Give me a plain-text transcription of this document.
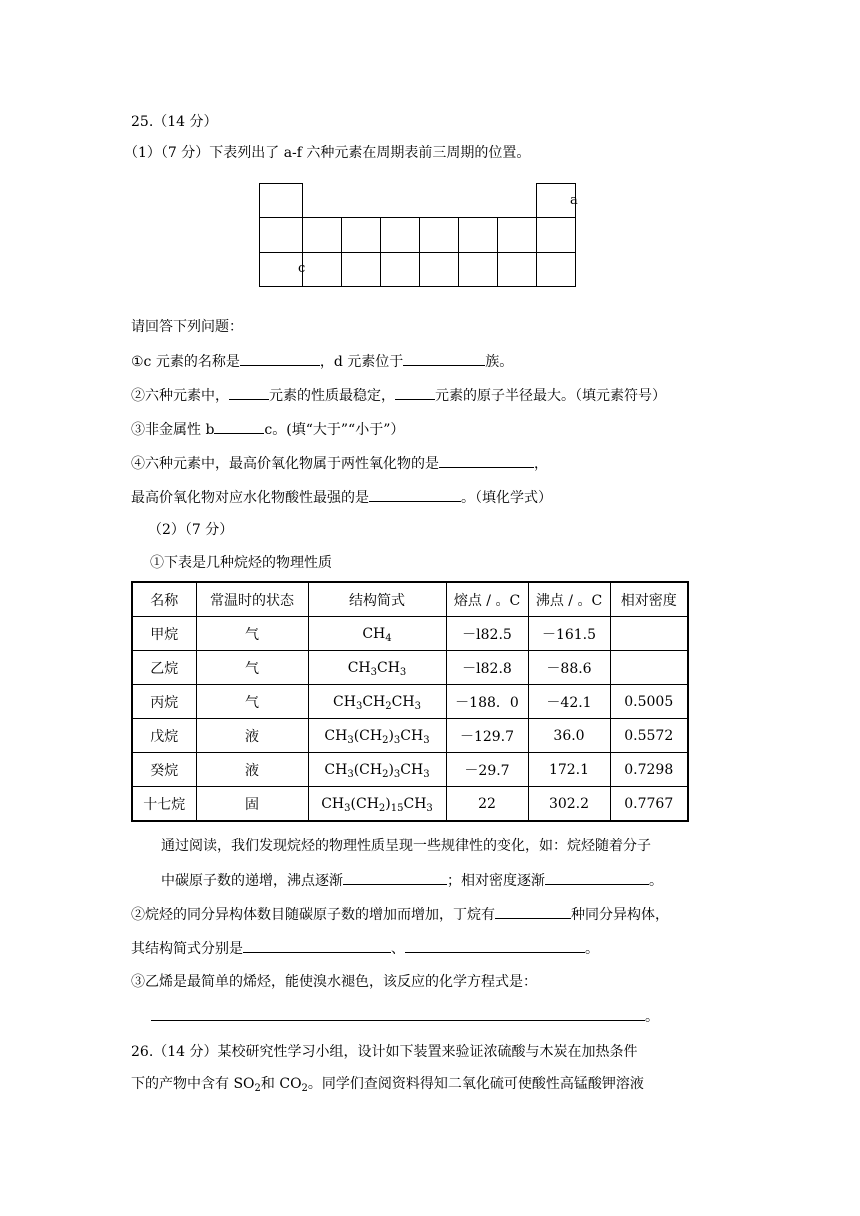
25.（14 分）
（1）（7 分）下表列出了 a-f 六种元素在周期表前三周期的位置。
a
c
请回答下列问题：
①c 元素的名称是	，d 元素位于	族。
②六种元素中，	元素的性质最稳定，	元素的原子半径最大。（填元素符号）
③非金属性 b	c。(填“大于”“小于”）
④六种元素中，最高价氧化物属于两性氧化物的是	，
最高价氧化物对应水化物酸性最强的是	。（填化学式）
（2）（7 分）
①下表是几种烷烃的物理性质
名称	常温时的状态	结构简式	熔点 / 。C	沸点 / 。C	相对密度
甲烷	气	$CH_4$	－l82.5	－161.5	
乙烷	气	$CH_3CH_3$	－l82.8	－88.6	
丙烷	气	$CH_3CH_2CH_3$	－188．0	－42.1	0.5005
戊烷	液	$CH_3(CH_2)_3CH_3$	－129.7	36.0	0.5572
癸烷	液	$CH_3(CH_2)_3CH_3$	－29.7	172.1	0.7298
十七烷	固	$CH_3(CH_2)_{15}CH_3$	22	302.2	0.7767
通过阅读，我们发现烷烃的物理性质呈现一些规律性的变化，如：烷烃随着分子
中碳原子数的递增，沸点逐渐	；相对密度逐渐	。
②烷烃的同分异构体数目随碳原子数的增加而增加，丁烷有	种同分异构体，
其结构简式分别是	、	。
③乙烯是最简单的烯烃，能使溴水褪色，该反应的化学方程式是：
。
26.（14 分）某校研究性学习小组，设计如下装置来验证浓硫酸与木炭在加热条件
下的产物中含有 $SO_2$和 $CO_2$。同学们查阅资料得知二氧化硫可使酸性高锰酸钾溶液
